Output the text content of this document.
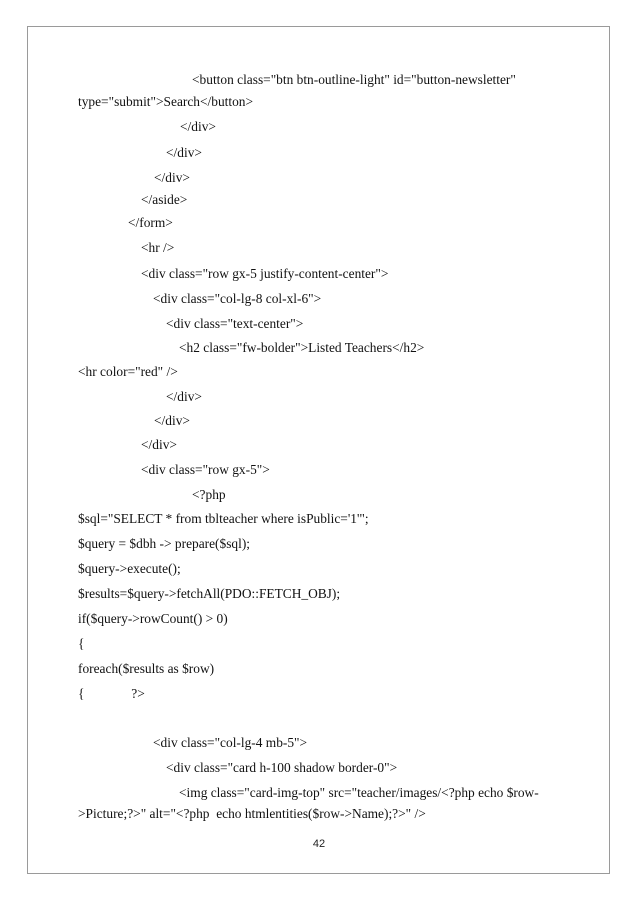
<button class="btn btn-outline-light" id="button-newsletter"
type="submit">Search</button>
</div>
</div>
</div>
</aside>
</form>
<hr />
<div class="row gx-5 justify-content-center">
<div class="col-lg-8 col-xl-6">
<div class="text-center">
<h2 class="fw-bolder">Listed Teachers</h2>
<hr color="red" />
</div>
</div>
</div>
<div class="row gx-5">
<?php
$sql="SELECT * from tblteacher where isPublic='1'";
$query = $dbh -> prepare($sql);
$query->execute();
$results=$query->fetchAll(PDO::FETCH_OBJ);
if($query->rowCount() > 0)
{
foreach($results as $row)
{              ?>
<div class="col-lg-4 mb-5">
<div class="card h-100 shadow border-0">
<img class="card-img-top" src="teacher/images/<?php echo $row-
>Picture;?>" alt="<?php  echo htmlentities($row->Name);?>" />
42
